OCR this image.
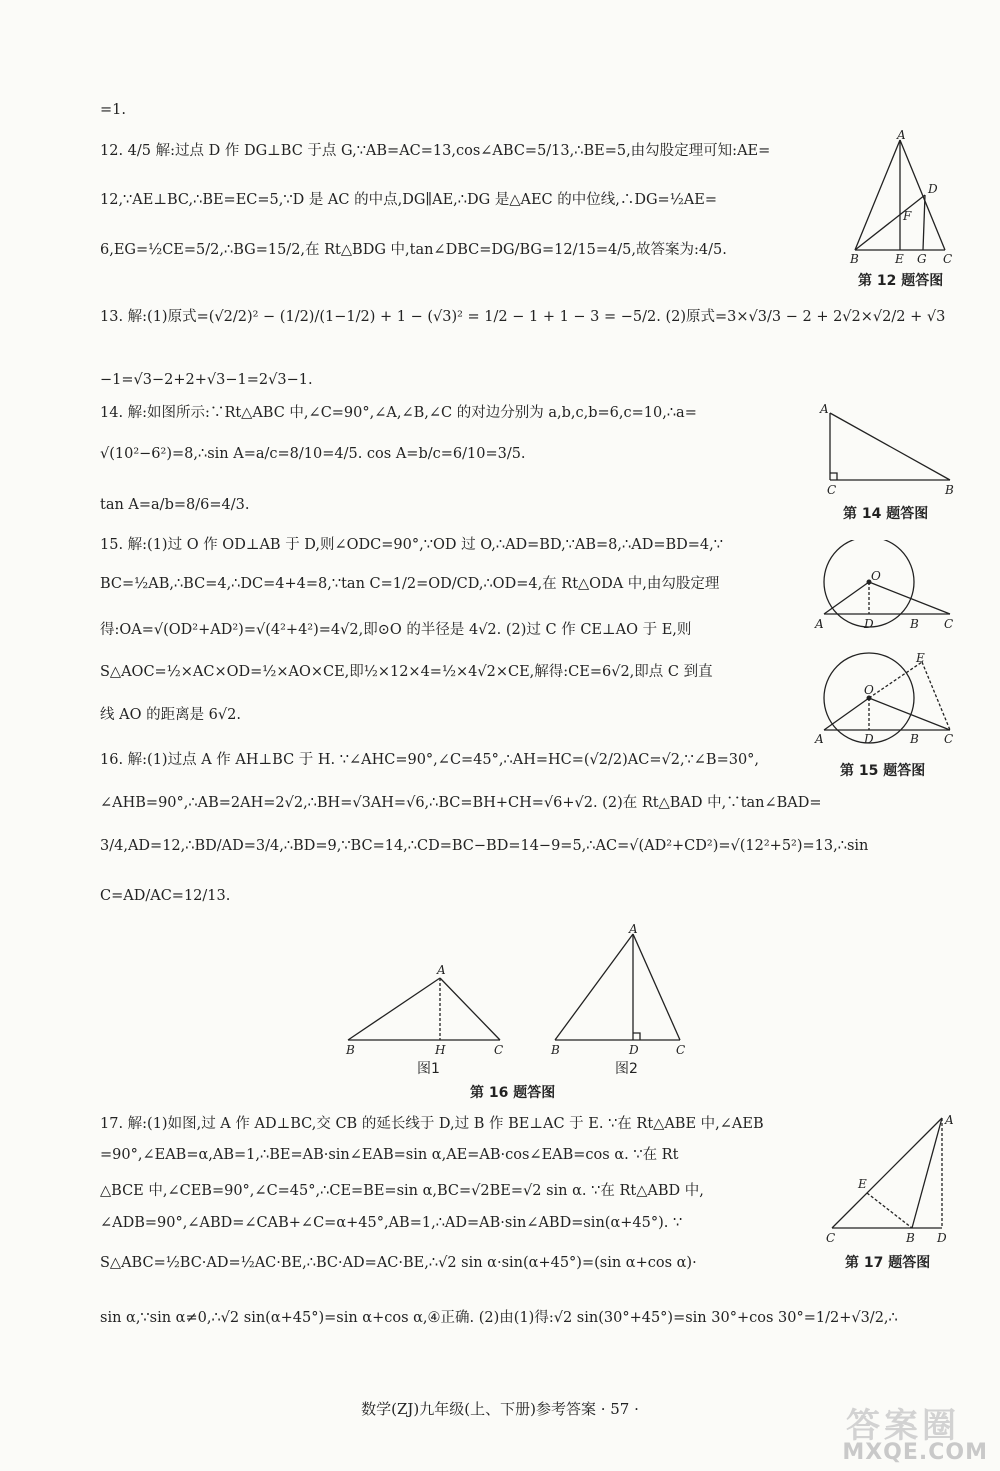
=1.
12. 4/5 解:过点 D 作 DG⊥BC 于点 G,∵AB=AC=13,cos∠ABC=5/13,∴BE=5,由勾股定理可知:AE=
12,∵AE⊥BC,∴BE=EC=5,∵D 是 AC 的中点,DG∥AE,∴DG 是△AEC 的中位线,∴DG=½AE=
6,EG=½CE=5/2,∴BG=15/2,在 Rt△BDG 中,tan∠DBC=DG/BG=12/15=4/5,故答案为:4/5.
13. 解:(1)原式=(√2/2)² − (1/2)/(1−1/2) + 1 − (√3)² = 1/2 − 1 + 1 − 3 = −5/2. (2)原式=3×√3/3 − 2 + 2√2×√2/2 + √3
−1=√3−2+2+√3−1=2√3−1.
14. 解:如图所示:∵Rt△ABC 中,∠C=90°,∠A,∠B,∠C 的对边分别为 a,b,c,b=6,c=10,∴a=
√(10²−6²)=8,∴sin A=a/c=8/10=4/5. cos A=b/c=6/10=3/5.
tan A=a/b=8/6=4/3.
15. 解:(1)过 O 作 OD⊥AB 于 D,则∠ODC=90°,∵OD 过 O,∴AD=BD,∵AB=8,∴AD=BD=4,∵
BC=½AB,∴BC=4,∴DC=4+4=8,∵tan C=1/2=OD/CD,∴OD=4,在 Rt△ODA 中,由勾股定理
得:OA=√(OD²+AD²)=√(4²+4²)=4√2,即⊙O 的半径是 4√2. (2)过 C 作 CE⊥AO 于 E,则
S△AOC=½×AC×OD=½×AO×CE,即½×12×4=½×4√2×CE,解得:CE=6√2,即点 C 到直
线 AO 的距离是 6√2.
16. 解:(1)过点 A 作 AH⊥BC 于 H. ∵∠AHC=90°,∠C=45°,∴AH=HC=(√2/2)AC=√2,∵∠B=30°,
∠AHB=90°,∴AB=2AH=2√2,∴BH=√3AH=√6,∴BC=BH+CH=√6+√2. (2)在 Rt△BAD 中,∵tan∠BAD=
3/4,AD=12,∴BD/AD=3/4,∴BD=9,∵BC=14,∴CD=BC−BD=14−9=5,∴AC=√(AD²+CD²)=√(12²+5²)=13,∴sin
C=AD/AC=12/13.
17. 解:(1)如图,过 A 作 AD⊥BC,交 CB 的延长线于 D,过 B 作 BE⊥AC 于 E. ∵在 Rt△ABE 中,∠AEB
=90°,∠EAB=α,AB=1,∴BE=AB·sin∠EAB=sin α,AE=AB·cos∠EAB=cos α. ∵在 Rt
△BCE 中,∠CEB=90°,∠C=45°,∴CE=BE=sin α,BC=√2BE=√2 sin α. ∵在 Rt△ABD 中,
∠ADB=90°,∠ABD=∠CAB+∠C=α+45°,AB=1,∴AD=AB·sin∠ABD=sin(α+45°). ∵
S△ABC=½BC·AD=½AC·BE,∴BC·AD=AC·BE,∴√2 sin α·sin(α+45°)=(sin α+cos α)·
sin α,∵sin α≠0,∴√2 sin(α+45°)=sin α+cos α,④正确. (2)由(1)得:√2 sin(30°+45°)=sin 30°+cos 30°=1/2+√3/2,∴
A
D
F
B	E G C
第 12 题答图
A
C	B
第 14 题答图
O
A	D	B C
E
O
A	D	B C
第 15 题答图
A
B	H	C
图1
A
B	D	C
图2
第 16 题答图
A
E
C	B D
第 17 题答图
数学(ZJ)九年级(上、下册)参考答案 · 57 ·	答案圈
MXQE.COM
